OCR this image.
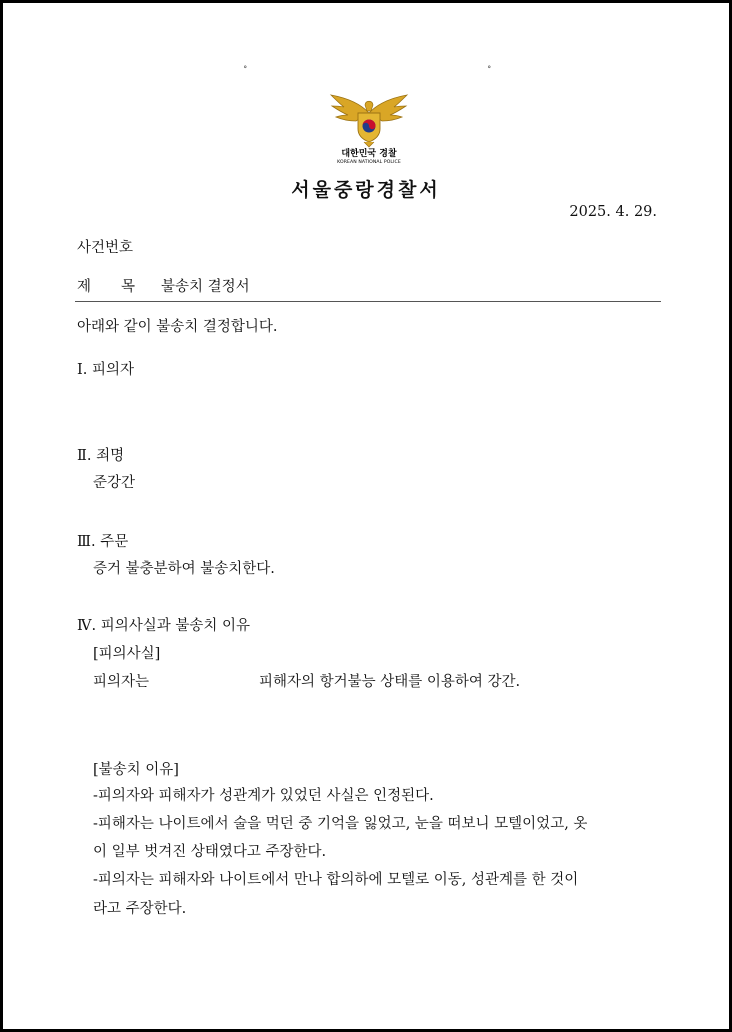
˚	˚
대한민국 경찰
KOREAN NATIONAL POLICE
서울중랑경찰서
2025. 4. 29.
사건번호
제 목 불송치 결정서
아래와 같이 불송치 결정합니다.
Ⅰ. 피의자
Ⅱ. 죄명
준강간
Ⅲ. 주문
증거 불충분하여 불송치한다.
Ⅳ. 피의사실과 불송치 이유
[피의사실]
피의자는	피해자의 항거불능 상태를 이용하여 강간.
[불송치 이유]
-피의자와 피해자가 성관계가 있었던 사실은 인정된다.
-피해자는 나이트에서 술을 먹던 중 기억을 잃었고, 눈을 떠보니 모텔이었고, 옷
이 일부 벗겨진 상태였다고 주장한다.
-피의자는 피해자와 나이트에서 만나 합의하에 모텔로 이동, 성관계를 한 것이
라고 주장한다.
